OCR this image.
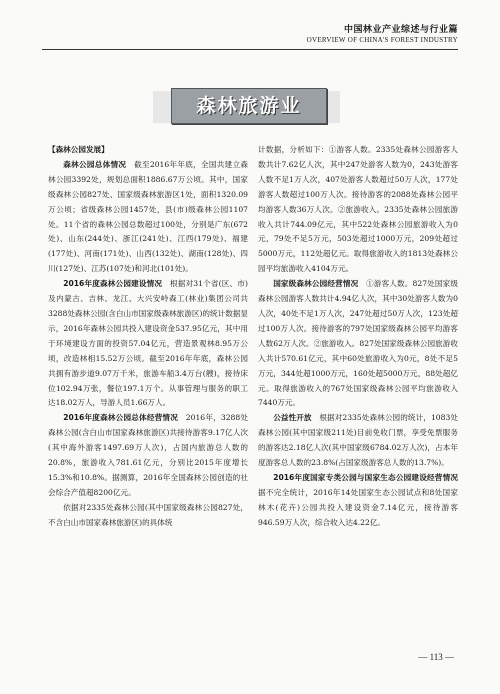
中国林业产业综述与行业篇
OVERVIEW OF CHINA'S FOREST INDUSTRY
森林旅游业

【森林公园发展】

森林公园总体情况　 截至2016年年底，全国共建立森林公园3392处，规划总面积1886.67万公顷。其中，国家级森林公园827处、国家级森林旅游区1处，面积1320.09万公顷；省级森林公园1457处，县(市)级森林公园1107处。11个省的森林公园总数超过100处，分别是广东(672处)、山东(244处)、浙江(241处)、江西(179处)、福建(177处)、河南(171处)、山西(132处)、湖南(128处)、四川(127处)、江苏(107处)和河北(101处)。

2016年度森林公园建设情况　 根据对31个省(区、市)及内蒙古、吉林、龙江、大兴安岭森工(林业)集团公司共3288处森林公园(含白山市国家级森林旅游区)的统计数据显示，2016年森林公园共投入建设资金537.95亿元，其中用于环境建设方面的投资57.04亿元，营造景观林8.95万公顷，改造林相15.52万公顷。截至2016年年底，森林公园共拥有游步道9.07万千米，旅游车船3.4万台(艘)，接待床位102.94万张，餐位197.1万个。从事管理与服务的职工达18.02万人，导游人员1.66万人。

2016年度森林公园总体经营情况　 2016年，3288处森林公园(含白山市国家森林旅游区)共接待游客9.17亿人次(其中海外游客1497.69万人次)，占国内旅游总人数的20.8%，旅游收入781.61亿元，分别比2015年度增长15.3%和10.8%。据测算，2016年全国森林公园创造的社会综合产值超8200亿元。

依据对2335处森林公园(其中国家级森林公园827处，不含白山市国家森林旅游区)的具体统

计数据，分析如下：①游客人数。2335处森林公园游客人数共计7.62亿人次，其中247处游客人数为0，243处游客人数不足1万人次，407处游客人数超过50万人次，177处游客人数超过100万人次。接待游客的2088处森林公园平均游客人数36万人次。②旅游收入。2335处森林公园旅游收入共计744.09亿元，其中522处森林公园旅游收入为0元，79处不足5万元，503处超过1000万元，209处超过5000万元，112处超亿元。取得旅游收入的1813处森林公园平均旅游收入4104万元。

国家级森林公园经营情况　 ①游客人数。827处国家级森林公园游客人数共计4.94亿人次，其中30处游客人数为0人次，40处不足1万人次，247处超过50万人次，123处超过100万人次。接待游客的797处国家级森林公园平均游客人数62万人次。②旅游收入。827处国家级森林公园旅游收入共计570.61亿元，其中60处旅游收入为0元，8处不足5万元，344处超1000万元，160处超5000万元，88处超亿元。取得旅游收入的767处国家级森林公园平均旅游收入7440万元。

公益性开放　 根据对2335处森林公园的统计，1083处森林公园(其中国家级211处)目前免收门票，享受免票服务的游客达2.18亿人次(其中国家级6784.02万人次)，占本年度游客总人数的23.8%(占国家级游客总人数的13.7%)。

2016年度国家专类公园与国家生态公园建设经营情况　据不完全统计，2016年14处国家生态公园试点和8处国家林木(花卉)公园共投入建设资金7.14亿元，接待游客946.59万人次，综合收入达4.22亿。

— 113 —
